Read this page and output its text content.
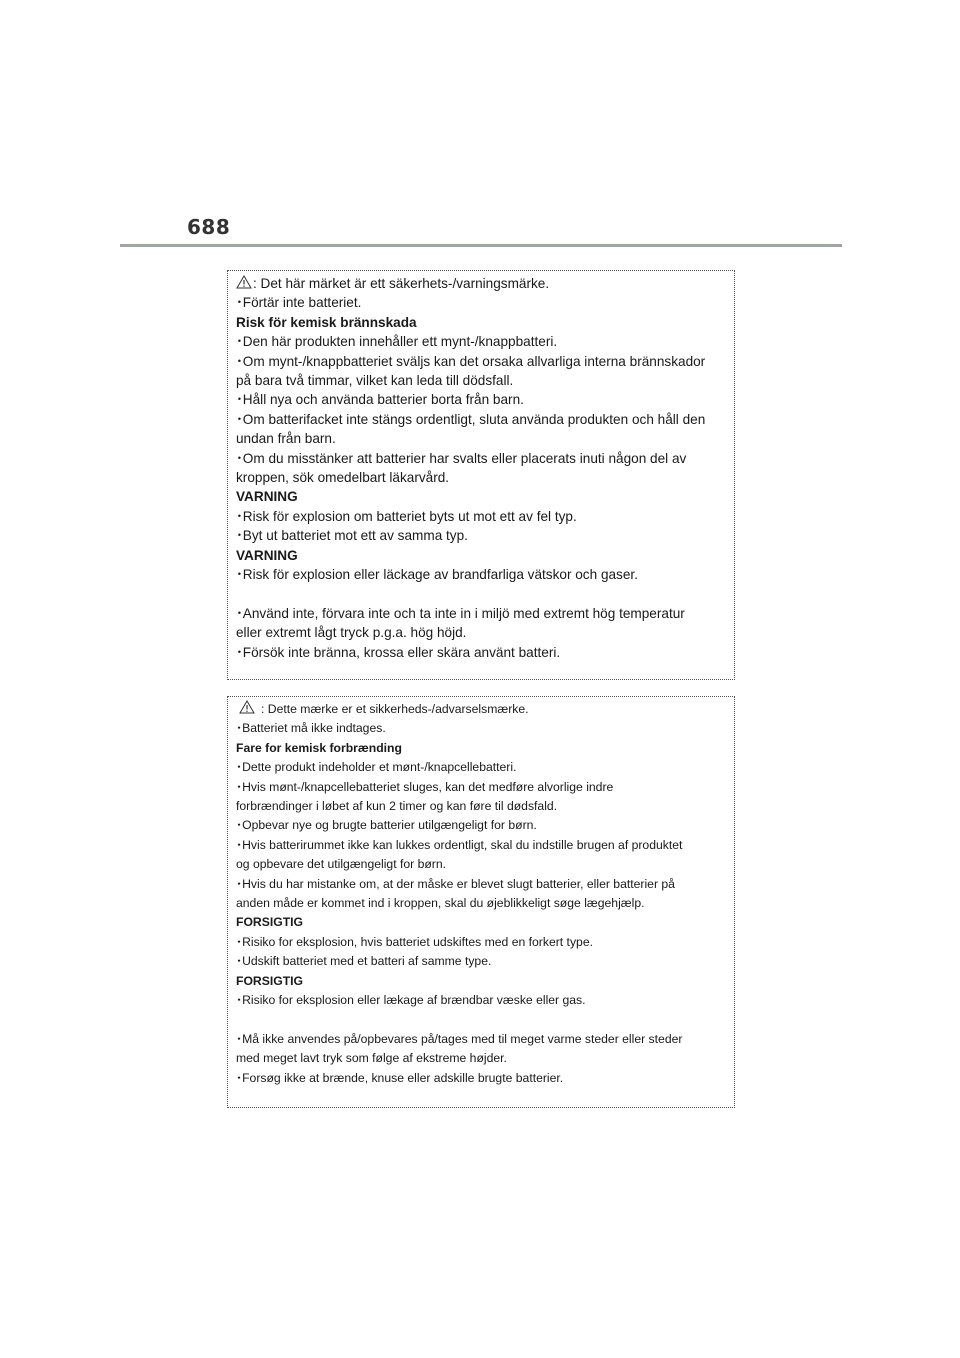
688
: Det här märket är ett säkerhets-/varningsmärke.
･Förtär inte batteriet.
Risk för kemisk brännskada
･Den här produkten innehåller ett mynt-/knappbatteri.
･Om mynt-/knappbatteriet sväljs kan det orsaka allvarliga interna brännskador
på bara två timmar, vilket kan leda till dödsfall.
･Håll nya och använda batterier borta från barn.
･Om batterifacket inte stängs ordentligt, sluta använda produkten och håll den
undan från barn.
･Om du misstänker att batterier har svalts eller placerats inuti någon del av
kroppen, sök omedelbart läkarvård.
VARNING
･Risk för explosion om batteriet byts ut mot ett av fel typ.
･Byt ut batteriet mot ett av samma typ.
VARNING
･Risk för explosion eller läckage av brandfarliga vätskor och gaser.
･Använd inte, förvara inte och ta inte in i miljö med extremt hög temperatur
eller extremt lågt tryck p.g.a. hög höjd.
･Försök inte bränna, krossa eller skära använt batteri.
: Dette mærke er et sikkerheds-/advarselsmærke.
･Batteriet må ikke indtages.
Fare for kemisk forbrænding
･Dette produkt indeholder et mønt-/knapcellebatteri.
･Hvis mønt-/knapcellebatteriet sluges, kan det medføre alvorlige indre
forbrændinger i løbet af kun 2 timer og kan føre til dødsfald.
･Opbevar nye og brugte batterier utilgængeligt for børn.
･Hvis batterirummet ikke kan lukkes ordentligt, skal du indstille brugen af produktet
og opbevare det utilgængeligt for børn.
･Hvis du har mistanke om, at der måske er blevet slugt batterier, eller batterier på
anden måde er kommet ind i kroppen, skal du øjeblikkeligt søge lægehjælp.
FORSIGTIG
･Risiko for eksplosion, hvis batteriet udskiftes med en forkert type.
･Udskift batteriet med et batteri af samme type.
FORSIGTIG
･Risiko for eksplosion eller lækage af brændbar væske eller gas.
･Må ikke anvendes på/opbevares på/tages med til meget varme steder eller steder
med meget lavt tryk som følge af ekstreme højder.
･Forsøg ikke at brænde, knuse eller adskille brugte batterier.
